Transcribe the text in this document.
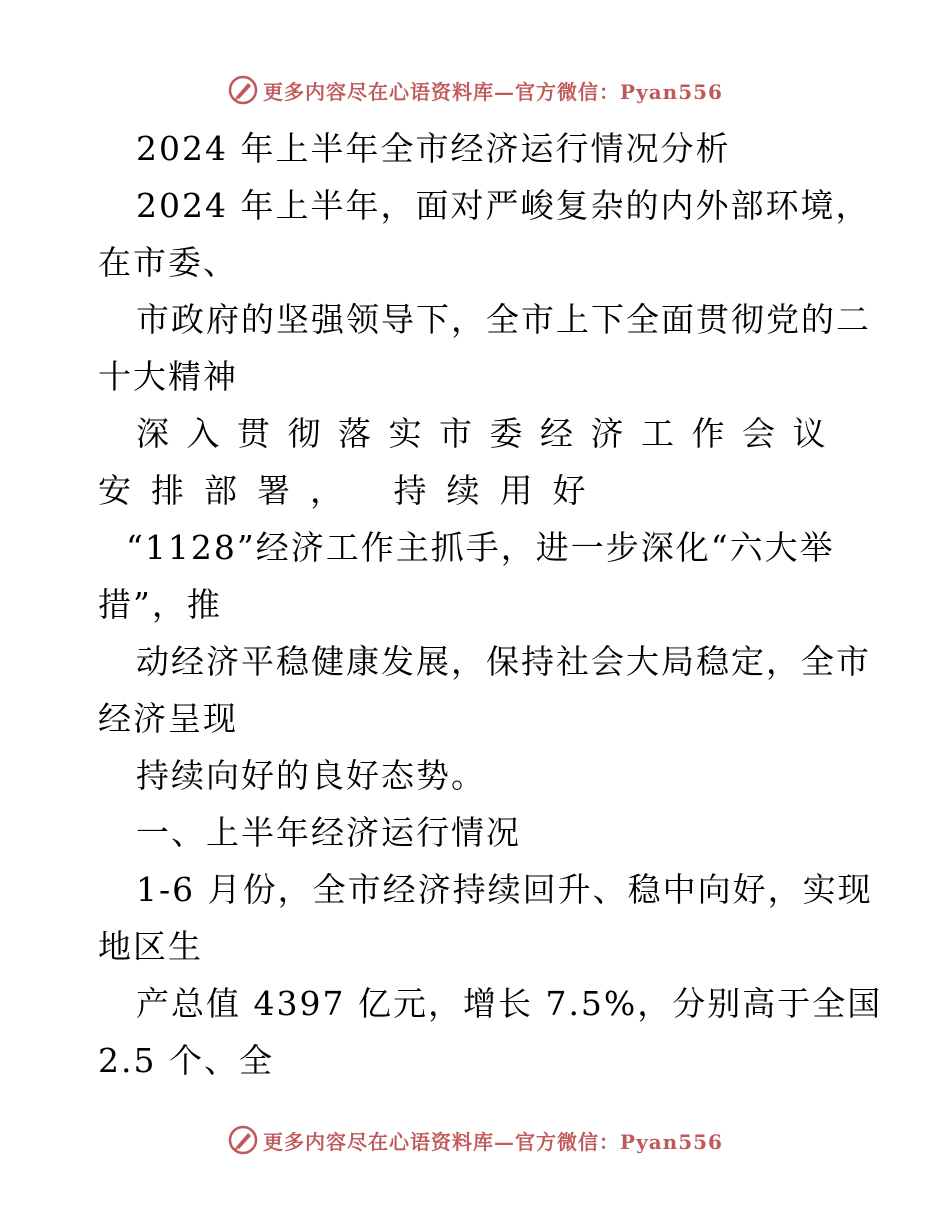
更多内容尽在心语资料库—官方微信：Pyan556
2024 年上半年全市经济运行情况分析
2024 年上半年，面对严峻复杂的内外部环境，
在市委、
市政府的坚强领导下，全市上下全面贯彻党的二
十大精神
深入贯彻落实市委经济工作会议
安排部署， 持续用好
“1128”经济工作主抓手，进一步深化“六大举
措”，推
动经济平稳健康发展，保持社会大局稳定，全市
经济呈现
持续向好的良好态势。
一、上半年经济运行情况
1-6 月份，全市经济持续回升、稳中向好，实现
地区生
产总值 4397 亿元，增长 7.5%，分别高于全国
2.5 个、全
更多内容尽在心语资料库—官方微信：Pyan556
